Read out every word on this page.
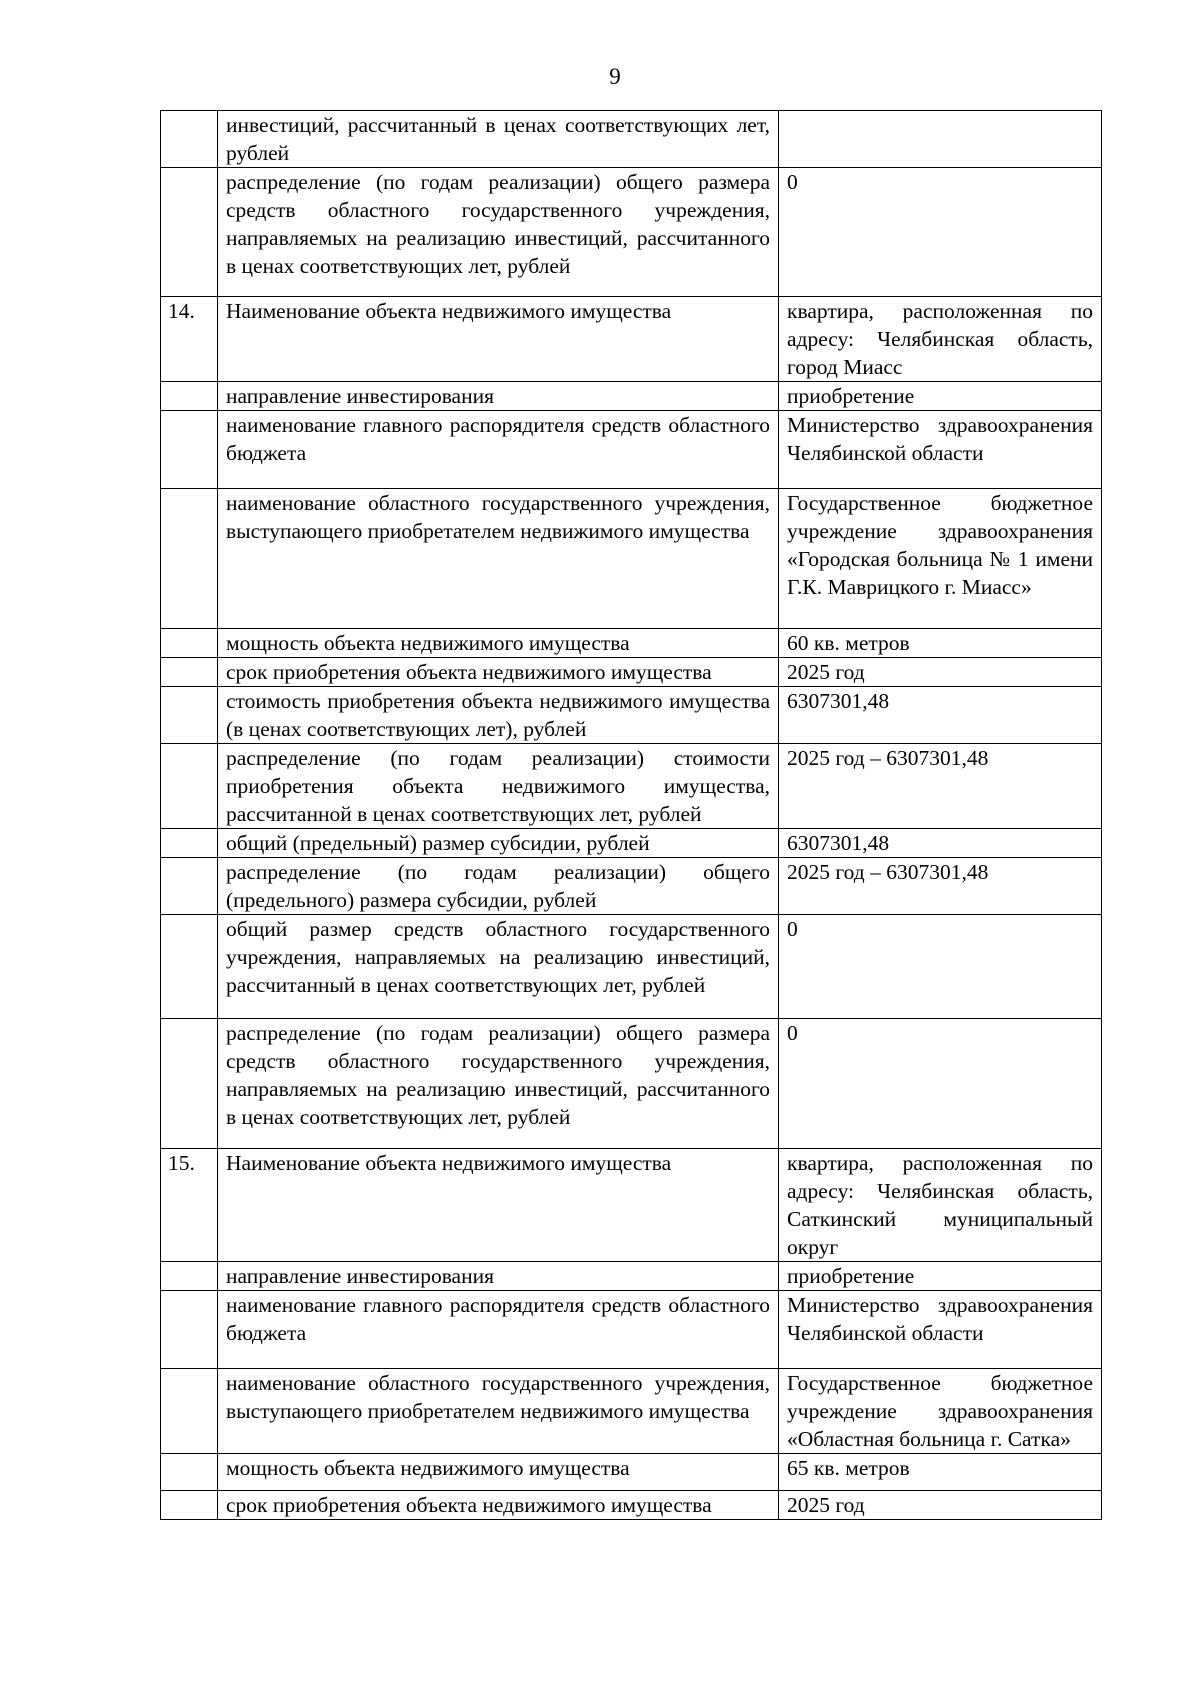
9
	инвестиций, рассчитанный в ценах соответствующих лет, рублей	
	распределение (по годам реализации) общего размера средств областного государственного учреждения, направляемых на реализацию инвестиций, рассчитанного в ценах соответствующих лет, рублей	0
14.	Наименование объекта недвижимого имущества	квартира, расположенная по адресу: Челябинская область, город Миасс
	направление инвестирования	приобретение
	наименование главного распорядителя средств областного бюджета	Министерство здравоохранения Челябинской области
	наименование областного государственного учреждения, выступающего приобретателем недвижимого имущества	Государственное бюджетное учреждение здравоохранения «Городская больница № 1 имени Г.К. Маврицкого г. Миасс»
	мощность объекта недвижимого имущества	60 кв. метров
	срок приобретения объекта недвижимого имущества	2025 год
	стоимость приобретения объекта недвижимого имущества (в ценах соответствующих лет), рублей	6307301,48
	распределение (по годам реализации) стоимости приобретения объекта недвижимого имущества, рассчитанной в ценах соответствующих лет, рублей	2025 год – 6307301,48
	общий (предельный) размер субсидии, рублей	6307301,48
	распределение (по годам реализации) общего (предельного) размера субсидии, рублей	2025 год – 6307301,48
	общий размер средств областного государственного учреждения, направляемых на реализацию инвестиций, рассчитанный в ценах соответствующих лет, рублей	0
	распределение (по годам реализации) общего размера средств областного государственного учреждения, направляемых на реализацию инвестиций, рассчитанного в ценах соответствующих лет, рублей	0
15.	Наименование объекта недвижимого имущества	квартира, расположенная по адресу: Челябинская область, Саткинский муниципальный округ
	направление инвестирования	приобретение
	наименование главного распорядителя средств областного бюджета	Министерство здравоохранения Челябинской области
	наименование областного государственного учреждения, выступающего приобретателем недвижимого имущества	Государственное бюджетное учреждение здравоохранения «Областная больница г. Сатка»
	мощность объекта недвижимого имущества	65 кв. метров
	срок приобретения объекта недвижимого имущества	2025 год
